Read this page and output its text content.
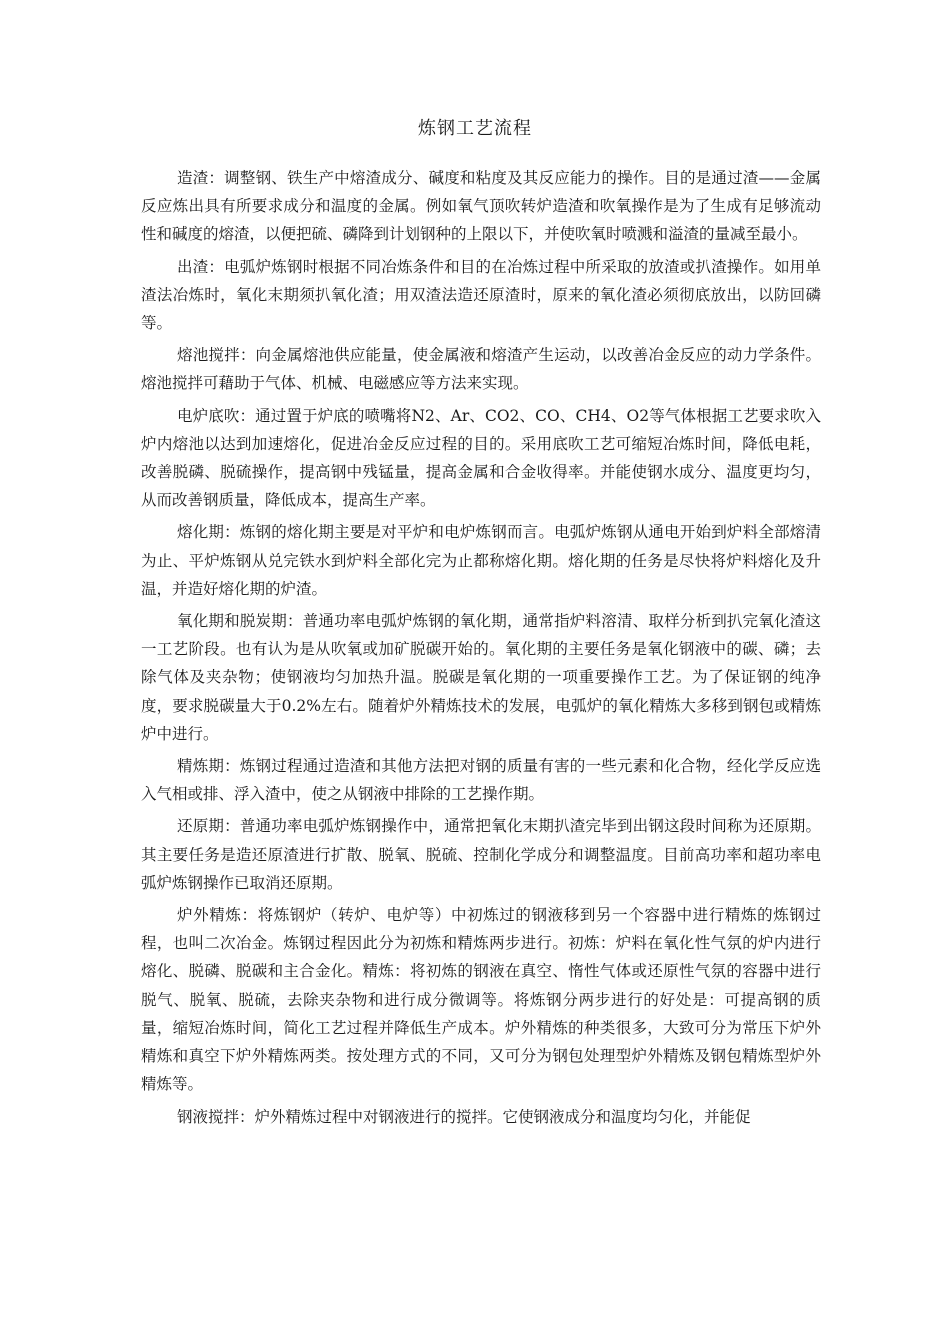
炼钢工艺流程

造渣：调整钢、铁生产中熔渣成分、碱度和粘度及其反应能力的操作。目的是通过渣——金属反应炼出具有所要求成分和温度的金属。例如氧气顶吹转炉造渣和吹氧操作是为了生成有足够流动性和碱度的熔渣，以便把硫、磷降到计划钢种的上限以下，并使吹氧时喷溅和溢渣的量减至最小。

出渣：电弧炉炼钢时根据不同冶炼条件和目的在冶炼过程中所采取的放渣或扒渣操作。如用单渣法冶炼时，氧化末期须扒氧化渣；用双渣法造还原渣时，原来的氧化渣必须彻底放出，以防回磷等。

熔池搅拌：向金属熔池供应能量，使金属液和熔渣产生运动，以改善冶金反应的动力学条件。熔池搅拌可藉助于气体、机械、电磁感应等方法来实现。

电炉底吹：通过置于炉底的喷嘴将N2、Ar、CO2、CO、CH4、O2等气体根据工艺要求吹入炉内熔池以达到加速熔化，促进冶金反应过程的目的。采用底吹工艺可缩短冶炼时间，降低电耗，改善脱磷、脱硫操作，提高钢中残锰量，提高金属和合金收得率。并能使钢水成分、温度更均匀，从而改善钢质量，降低成本，提高生产率。

熔化期：炼钢的熔化期主要是对平炉和电炉炼钢而言。电弧炉炼钢从通电开始到炉料全部熔清为止、平炉炼钢从兑完铁水到炉料全部化完为止都称熔化期。熔化期的任务是尽快将炉料熔化及升温，并造好熔化期的炉渣。

氧化期和脱炭期：普通功率电弧炉炼钢的氧化期，通常指炉料溶清、取样分析到扒完氧化渣这一工艺阶段。也有认为是从吹氧或加矿脱碳开始的。氧化期的主要任务是氧化钢液中的碳、磷；去除气体及夹杂物；使钢液均匀加热升温。脱碳是氧化期的一项重要操作工艺。为了保证钢的纯净度，要求脱碳量大于0.2%左右。随着炉外精炼技术的发展，电弧炉的氧化精炼大多移到钢包或精炼炉中进行。

精炼期：炼钢过程通过造渣和其他方法把对钢的质量有害的一些元素和化合物，经化学反应选入气相或排、浮入渣中，使之从钢液中排除的工艺操作期。

还原期：普通功率电弧炉炼钢操作中，通常把氧化末期扒渣完毕到出钢这段时间称为还原期。其主要任务是造还原渣进行扩散、脱氧、脱硫、控制化学成分和调整温度。目前高功率和超功率电弧炉炼钢操作已取消还原期。

炉外精炼：将炼钢炉（转炉、电炉等）中初炼过的钢液移到另一个容器中进行精炼的炼钢过程，也叫二次冶金。炼钢过程因此分为初炼和精炼两步进行。初炼：炉料在氧化性气氛的炉内进行熔化、脱磷、脱碳和主合金化。精炼：将初炼的钢液在真空、惰性气体或还原性气氛的容器中进行脱气、脱氧、脱硫，去除夹杂物和进行成分微调等。将炼钢分两步进行的好处是：可提高钢的质量，缩短冶炼时间，简化工艺过程并降低生产成本。炉外精炼的种类很多，大致可分为常压下炉外精炼和真空下炉外精炼两类。按处理方式的不同，又可分为钢包处理型炉外精炼及钢包精炼型炉外精炼等。

钢液搅拌：炉外精炼过程中对钢液进行的搅拌。它使钢液成分和温度均匀化，并能促
